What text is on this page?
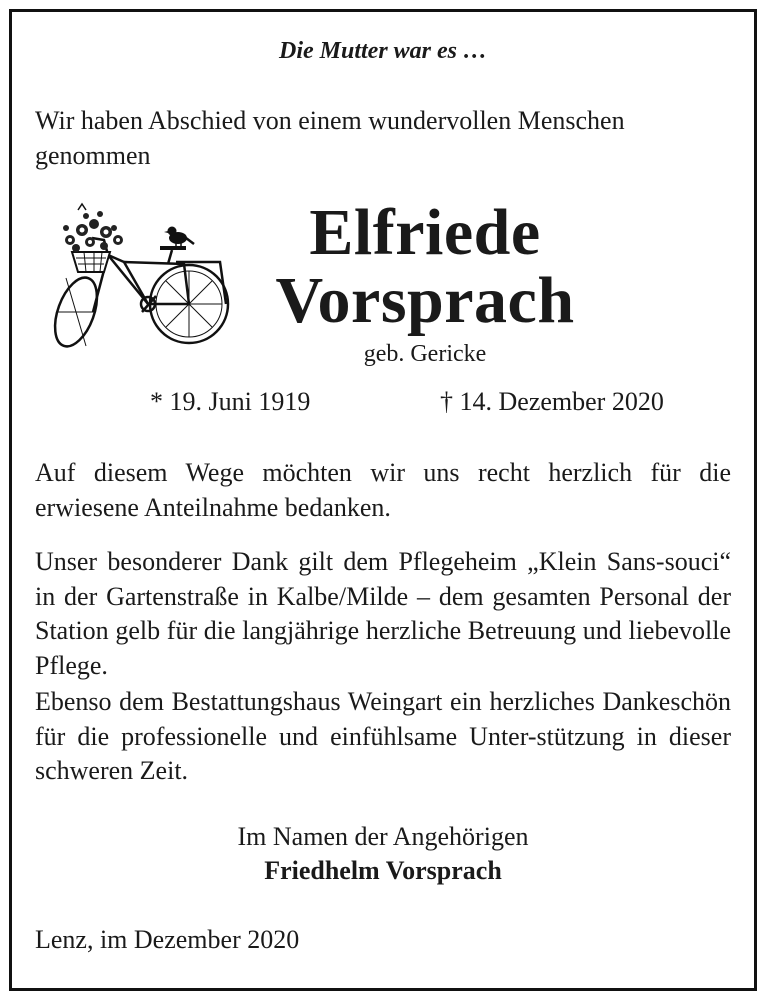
Die Mutter war es …

Wir haben Abschied von einem wundervollen Menschen genommen

Elfriede
Vorsprach
geb. Gericke
* 19. Juni 1919	† 14. Dezember 2020

Auf diesem Wege möchten wir uns recht herzlich für die erwiesene Anteilnahme bedanken.

Unser besonderer Dank gilt dem Pflegeheim „Klein Sans-souci“ in der Gartenstraße in Kalbe/Milde – dem gesamten Personal der Station gelb für die langjährige herzliche Betreuung und liebevolle Pflege.

Ebenso dem Bestattungshaus Weingart ein herzliches Dankeschön für die professionelle und einfühlsame Unter-stützung in dieser schweren Zeit.

Im Namen der Angehörigen
Friedhelm Vorsprach
Lenz, im Dezember 2020
